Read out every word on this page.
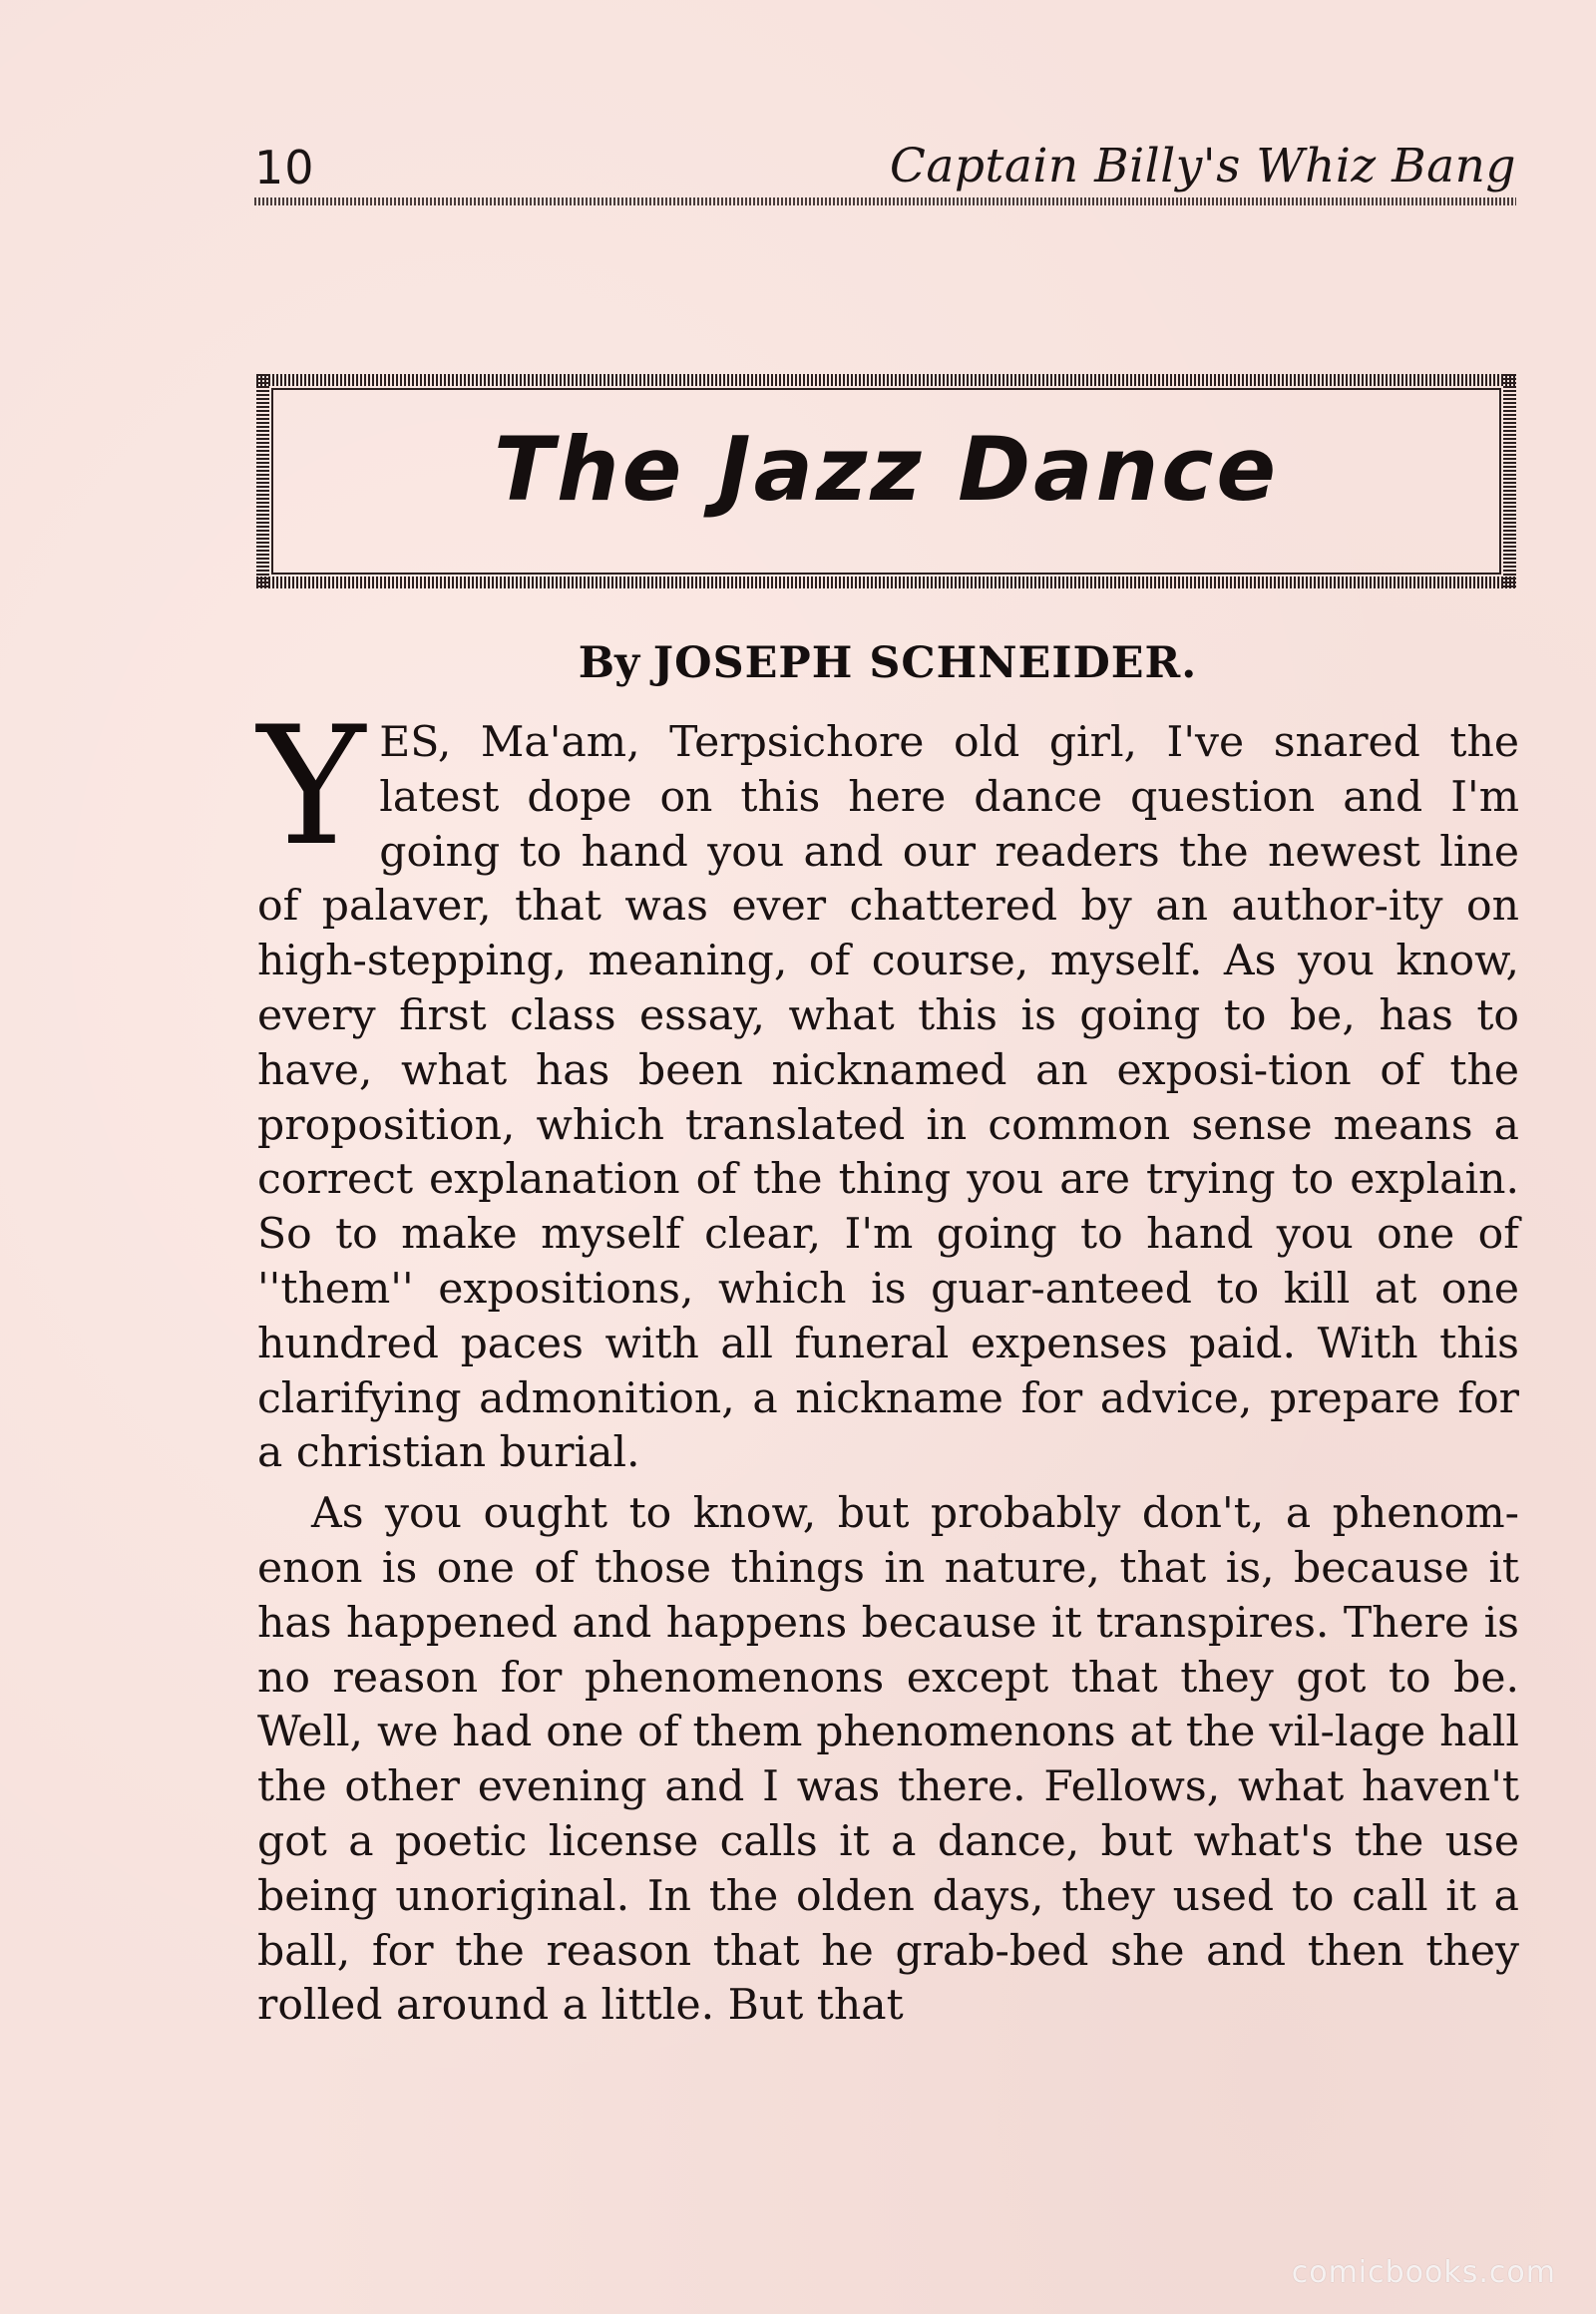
10	Captain Billy's Whiz Bang
The Jazz Dance
By JOSEPH SCHNEIDER.

YES, Ma'am, Terpsichore old girl, I've snared the latest dope on this here dance question and I'm going to hand you and our readers the newest line of palaver, that was ever chattered by an author-ity on high-stepping, meaning, of course, myself. As you know, every first class essay, what this is going to be, has to have, what has been nicknamed an exposi-tion of the proposition, which translated in common sense means a correct explanation of the thing you are trying to explain. So to make myself clear, I'm going to hand you one of ''them'' expositions, which is guar-anteed to kill at one hundred paces with all funeral expenses paid. With this clarifying admonition, a nickname for advice, prepare for a christian burial.

As you ought to know, but probably don't, a phenom-enon is one of those things in nature, that is, because it has happened and happens because it transpires. There is no reason for phenomenons except that they got to be. Well, we had one of them phenomenons at the vil-lage hall the other evening and I was there. Fellows, what haven't got a poetic license calls it a dance, but what's the use being unoriginal. In the olden days, they used to call it a ball, for the reason that he grab-bed she and then they rolled around a little. But that

comicbooks.com
